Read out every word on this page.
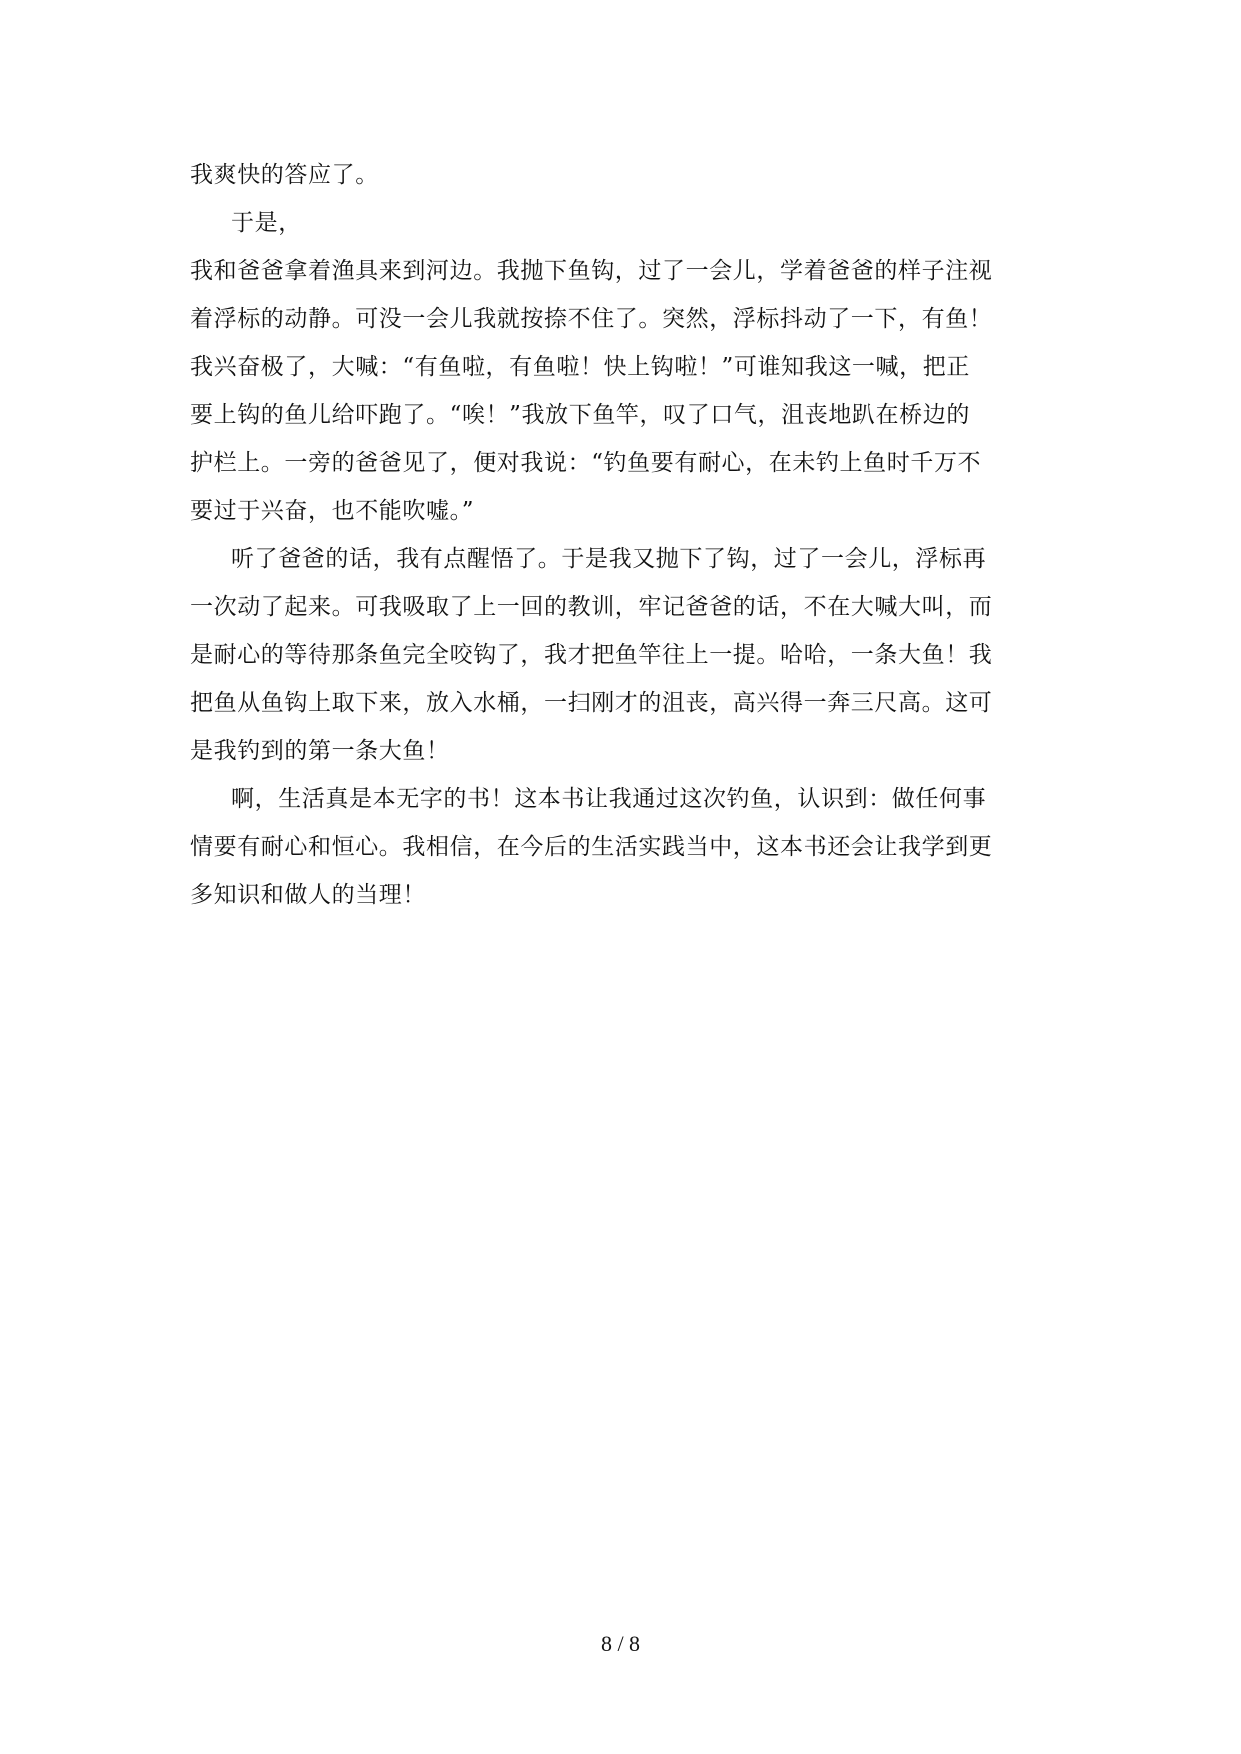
我爽快的答应了。
于是，
我和爸爸拿着渔具来到河边。我抛下鱼钩，过了一会儿，学着爸爸的样子注视
着浮标的动静。可没一会儿我就按捺不住了。突然，浮标抖动了一下，有鱼！
我兴奋极了，大喊：“有鱼啦，有鱼啦！快上钩啦！”可谁知我这一喊，把正
要上钩的鱼儿给吓跑了。“唉！”我放下鱼竿，叹了口气，沮丧地趴在桥边的
护栏上。一旁的爸爸见了，便对我说：“钓鱼要有耐心，在未钓上鱼时千万不
要过于兴奋，也不能吹嘘。”
听了爸爸的话，我有点醒悟了。于是我又抛下了钩，过了一会儿，浮标再
一次动了起来。可我吸取了上一回的教训，牢记爸爸的话，不在大喊大叫，而
是耐心的等待那条鱼完全咬钩了，我才把鱼竿往上一提。哈哈，一条大鱼！我
把鱼从鱼钩上取下来，放入水桶，一扫刚才的沮丧，高兴得一奔三尺高。这可
是我钓到的第一条大鱼！
啊，生活真是本无字的书！这本书让我通过这次钓鱼，认识到：做任何事
情要有耐心和恒心。我相信，在今后的生活实践当中，这本书还会让我学到更
多知识和做人的当理！
8 / 8
